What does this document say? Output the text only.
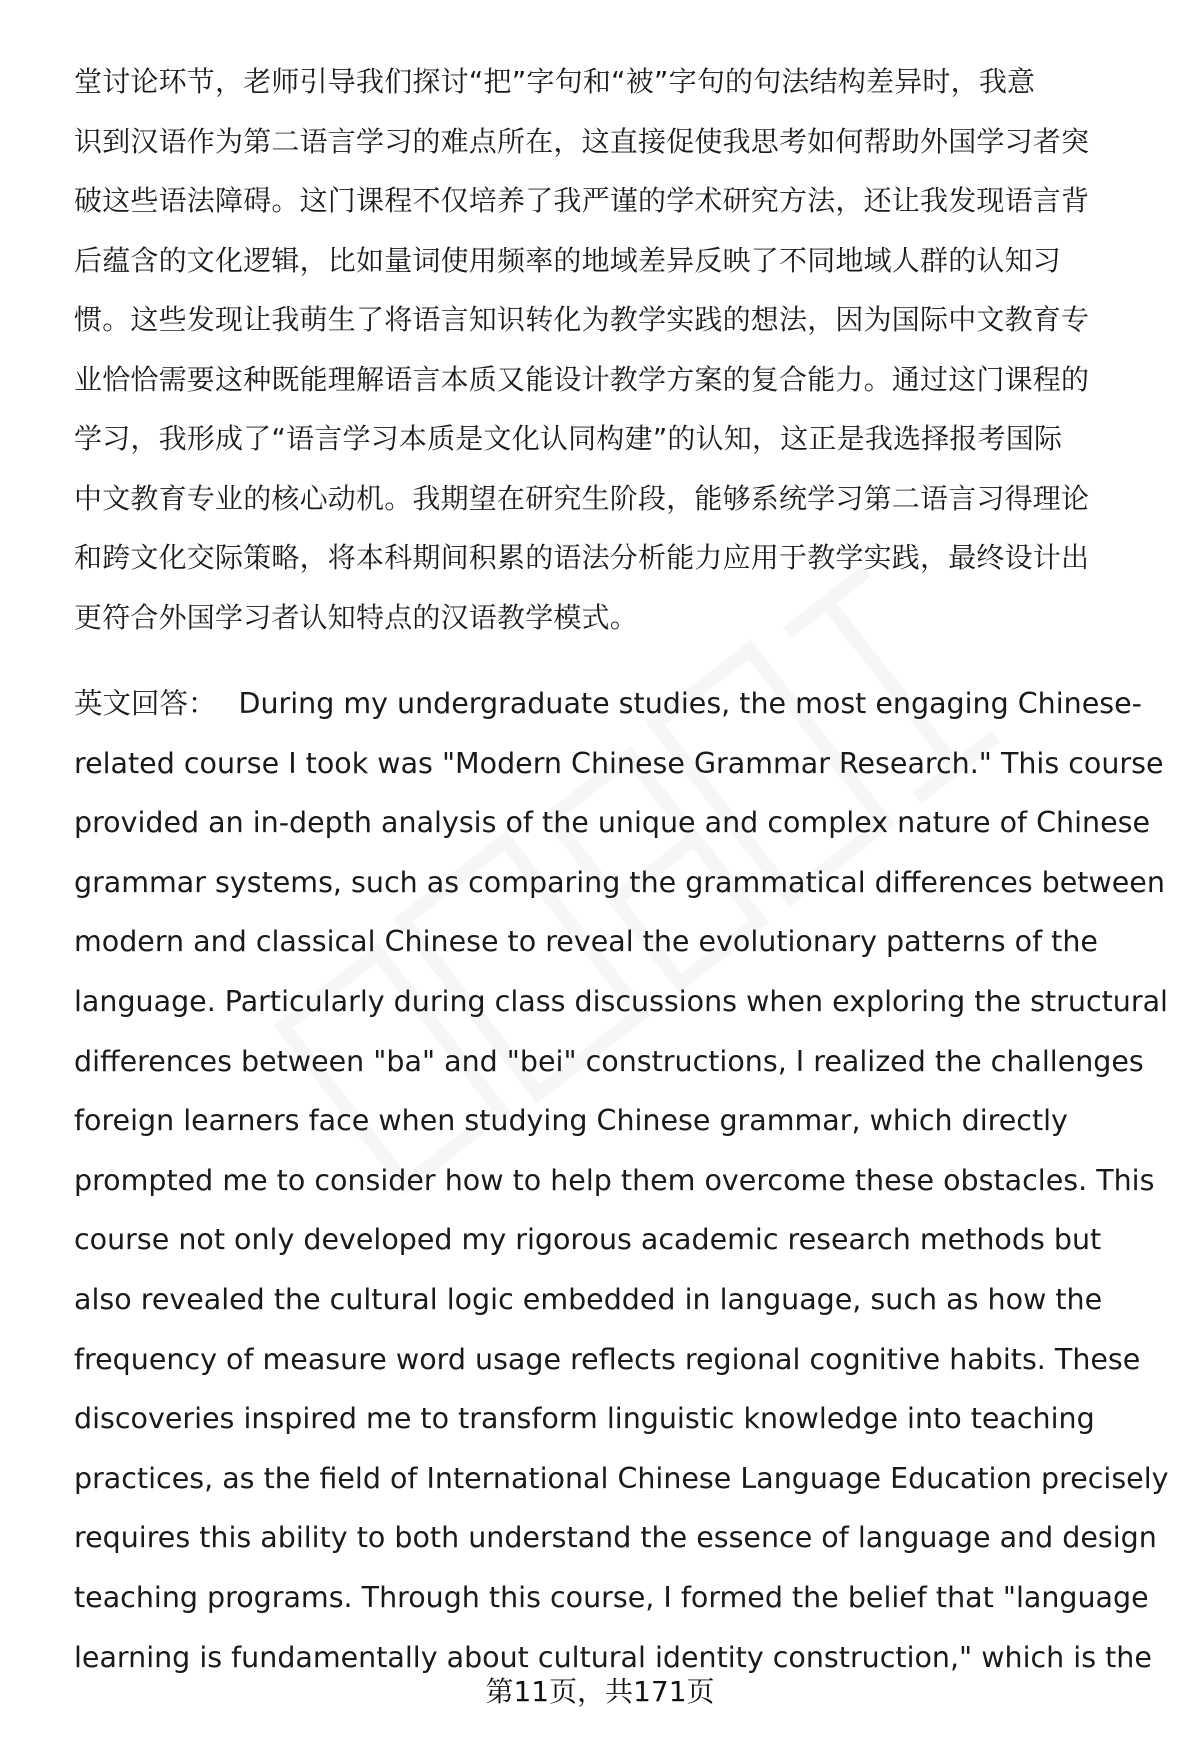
堂讨论环节，老师引导我们探讨“把”字句和“被”字句的句法结构差异时，我意
识到汉语作为第二语言学习的难点所在，这直接促使我思考如何帮助外国学习者突
破这些语法障碍。这门课程不仅培养了我严谨的学术研究方法，还让我发现语言背
后蕴含的文化逻辑，比如量词使用频率的地域差异反映了不同地域人群的认知习
惯。这些发现让我萌生了将语言知识转化为教学实践的想法，因为国际中文教育专
业恰恰需要这种既能理解语言本质又能设计教学方案的复合能力。通过这门课程的
学习，我形成了“语言学习本质是文化认同构建”的认知，这正是我选择报考国际
中文教育专业的核心动机。我期望在研究生阶段，能够系统学习第二语言习得理论
和跨文化交际策略，将本科期间积累的语法分析能力应用于教学实践，最终设计出
更符合外国学习者认知特点的汉语教学模式。
英文回答： During my undergraduate studies, the most engaging Chinese-
related course I took was "Modern Chinese Grammar Research." This course
provided an in-depth analysis of the unique and complex nature of Chinese
grammar systems, such as comparing the grammatical differences between
modern and classical Chinese to reveal the evolutionary patterns of the
language. Particularly during class discussions when exploring the structural
differences between "ba" and "bei" constructions, I realized the challenges
foreign learners face when studying Chinese grammar, which directly
prompted me to consider how to help them overcome these obstacles. This
course not only developed my rigorous academic research methods but
also revealed the cultural logic embedded in language, such as how the
frequency of measure word usage reflects regional cognitive habits. These
discoveries inspired me to transform linguistic knowledge into teaching
practices, as the field of International Chinese Language Education precisely
requires this ability to both understand the essence of language and design
teaching programs. Through this course, I formed the belief that "language
learning is fundamentally about cultural identity construction," which is the
第11页，共171页
